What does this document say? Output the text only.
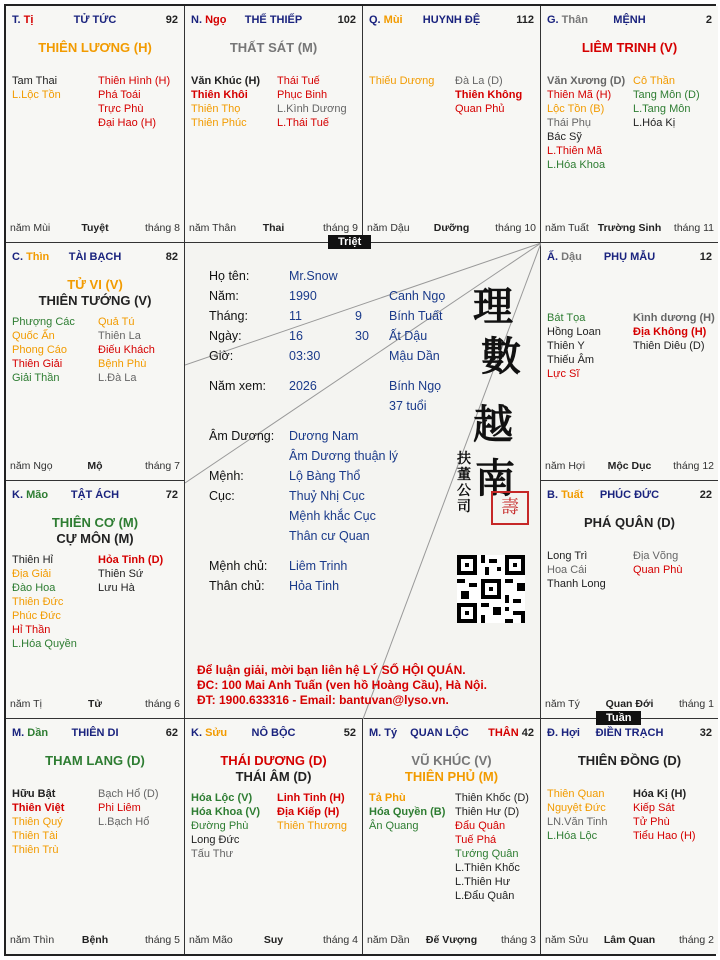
T. Tị	TỬ TỨC	92
THIÊN LƯƠNG (H)
Tam Thai
L.Lộc Tồn
Thiên Hình (H)
Phá Toái
Trực Phù
Đại Hao (H)
năm Mùi	Tuyệt	tháng 8
N. Ngọ	THẾ THIẾP	102
THẤT SÁT (M)
Văn Khúc (H)
Thiên Khôi
Thiên Thọ
Thiên Phúc
Thái Tuế
Phục Binh
L.Kình Dương
L.Thái Tuế
năm Thân	Thai	tháng 9
Q. Mùi	HUYNH ĐỆ	112
Thiếu Dương Đà La (D)
Thiên Không
Quan Phủ
năm Dậu	Dưỡng	tháng 10
G. Thân	MỆNH	2
LIÊM TRINH (V)
Văn Xương (D)
Thiên Mã (H)
Lộc Tồn (B)
Thái Phụ
Bác Sỹ
L.Thiên Mã
L.Hóa Khoa
Cô Thần
Tang Môn (D)
L.Tang Môn
L.Hóa Kị
năm Tuất Trường Sinh	tháng 11
C. Thìn	TÀI BẠCH	82
TỬ VI (V)
THIÊN TƯỚNG (V)
Phượng Các
Quốc Ấn
Phong Cáo
Thiên Giải
Giải Thần
Quả Tú
Thiên La
Điếu Khách
Bệnh Phù
L.Đà La
năm Ngọ	Mộ	tháng 7
Ấ. Dậu	PHỤ MẪU	12
Bát Tọa
Hồng Loan
Thiên Y
Thiếu Âm
Lực Sĩ
Kình dương (H)
Địa Không (H)
Thiên Diêu (D)
năm Hợi	Mộc Dục	tháng 12
K. Mão	TẬT ÁCH	72
THIÊN CƠ (M)
CỰ MÔN (M)
Thiên Hỉ
Địa Giải
Đào Hoa
Thiên Đức
Phúc Đức
Hỉ Thần
L.Hóa Quyền
Hỏa Tinh (D)
Thiên Sứ
Lưu Hà
năm Tị	Tử	tháng 6
B. Tuất	PHÚC ĐỨC	22
PHÁ QUÂN (D)
Long Trì
Hoa Cái
Thanh Long
Địa Võng
Quan Phù
năm Tý	Quan Đới	tháng 1
M. Dần	THIÊN DI	62
THAM LANG (D)
Hữu Bật
Thiên Việt
Thiên Quý
Thiên Tài
Thiên Trù
Bạch Hổ (D)
Phi Liêm
L.Bạch Hổ
năm Thìn	Bệnh	tháng 5
K. Sửu	NÔ BỘC	52
THÁI DƯƠNG (D)
THÁI ÂM (D)
Hóa Lộc (V)
Hóa Khoa (V)
Đường Phù
Long Đức
Tấu Thư
Linh Tinh (H)
Địa Kiếp (H)
Thiên Thương
năm Mão	Suy	tháng 4
M. Tý	QUAN LỘC	THÂN 42
VŨ KHÚC (V)
THIÊN PHỦ (M)
Tả Phù
Hóa Quyền (B)
Ân Quang
Thiên Khốc (D)
Thiên Hư (D)
Đẩu Quân
Tuế Phá
Tướng Quân
L.Thiên Khốc
L.Thiên Hư
L.Đẩu Quân
năm Dần	Đế Vượng	tháng 3
Đ. Hợi	ĐIỀN TRẠCH	32
THIÊN ĐỒNG (D)
Thiên Quan
Nguyệt Đức
LN.Văn Tinh
L.Hóa Lộc
Hóa Kị (H)
Kiếp Sát
Tử Phù
Tiểu Hao (H)
năm Sửu	Lâm Quan	tháng 2
Họ tên:	Mr.Snow
Năm:	1990	Canh Ngọ
Tháng:	11	9 Bính Tuất
Ngày:	16	30 Ất Dậu
Giờ:	03:30	Mậu Dần
Năm xem: 2026	Bính Ngọ
37 tuổi
Âm Dương: Dương Nam
Âm Dương thuận lý
Mệnh:	Lộ Bàng Thổ
Cục:	Thuỷ Nhị Cục
Mệnh khắc Cục
Thân cư Quan
Mệnh chủ: Liêm Trinh
Thân chủ: Hỏa Tinh
理
數
越
南
壽
扶董公司
Để luận giải, mời bạn liên hệ LÝ SỐ HỘI QUÁN.
ĐC: 100 Mai Anh Tuấn (ven hồ Hoàng Cầu), Hà Nội.
ĐT: 1900.633316 - Email: bantuvan@lyso.vn.
Triệt
Tuần
